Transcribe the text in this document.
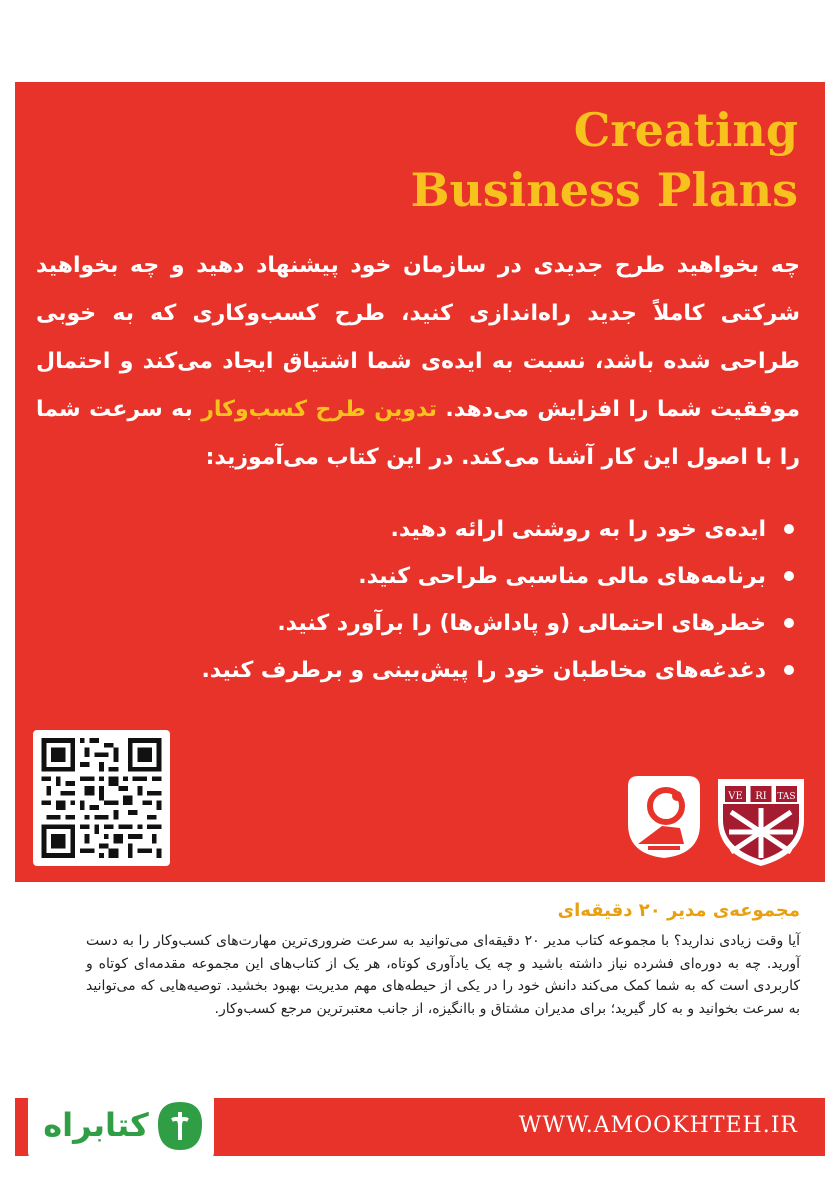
Creating
Business Plans

چه بخواهید طرح جدیدی در سازمان خود پیشنهاد دهید و چه بخواهید شرکتی کاملاً جدید راه‌اندازی کنید، طرح کسب‌و‌کاری که به خوبی طراحی شده باشد، نسبت به ایده‌ی شما اشتیاق ایجاد می‌کند و احتمال موفقیت شما را افزایش می‌دهد. تدوین طرح کسب‌و‌کار به سرعت شما را با اصول این کار آشنا می‌کند. در این کتاب می‌آموزید:

ایده‌ی خود را به روشنی ارائه دهید.
برنامه‌های مالی مناسبی طراحی کنید.
خطرهای احتمالی (و پاداش‌ها) را برآورد کنید.
دغدغه‌های مخاطبان خود را پیش‌بینی و برطرف کنید.
VE RI TAS
مجموعه‌ی مدیر ۲۰ دقیقه‌ای

آیا وقت زیادی ندارید؟ با مجموعه کتاب مدیر ۲۰ دقیقه‌ای می‌توانید به سرعت ضروری‌ترین مهارت‌های کسب‌وکار را به دست آورید. چه به دوره‌ای فشرده نیاز داشته باشید و چه یک یادآوری کوتاه، هر یک از کتاب‌های این مجموعه مقدمه‌ای کوتاه و کاربردی است که به شما کمک می‌کند دانش خود را در یکی از حیطه‌های مهم مدیریت بهبود بخشید. توصیه‌هایی که می‌توانید به سرعت بخوانید و به کار گیرید؛ برای مدیران مشتاق و باانگیزه، از جانب معتبرترین مرجع کسب‌وکار.

WWW.AMOOKHTEH.IR
کتابراه
